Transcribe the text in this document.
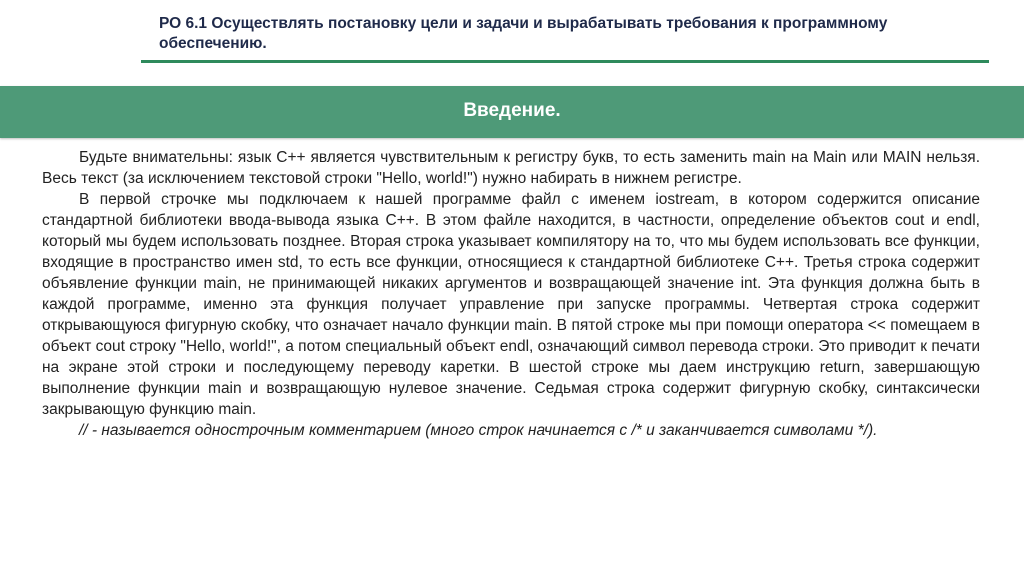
РО 6.1 Осуществлять постановку цели и задачи и вырабатывать требования к программному обеспечению.

Введение.

Будьте внимательны: язык С++ является чувствительным к регистру букв, то есть заменить main на Main или MAIN нельзя. Весь текст (за исключением текстовой строки "Hello, world!") нужно набирать в нижнем регистре.

В первой строчке мы подключаем к нашей программе файл с именем iostream, в котором содержится описание стандартной библиотеки ввода-вывода языка С++. В этом файле находится, в частности, определение объектов cout и endl, который мы будем использовать позднее. Вторая строка указывает компилятору на то, что мы будем использовать все функции, входящие в пространство имен std, то есть все функции, относящиеся к стандартной библиотеке С++. Третья строка содержит объявление функции main, не принимающей никаких аргументов и возвращающей значение int. Эта функция должна быть в каждой программе, именно эта функция получает управление при запуске программы. Четвертая строка содержит открывающуюся фигурную скобку, что означает начало функции main. В пятой строке мы при помощи оператора << помещаем в объект cout строку "Hello, world!", а потом специальный объект endl, означающий символ перевода строки. Это приводит к печати на экране этой строки и последующему переводу каретки. В шестой строке мы даем инструкцию return, завершающую выполнение функции main и возвращающую нулевое значение. Седьмая строка содержит фигурную скобку, синтаксически закрывающую функцию main.

// - называется однострочным комментарием (много строк начинается с /* и заканчивается символами */).
